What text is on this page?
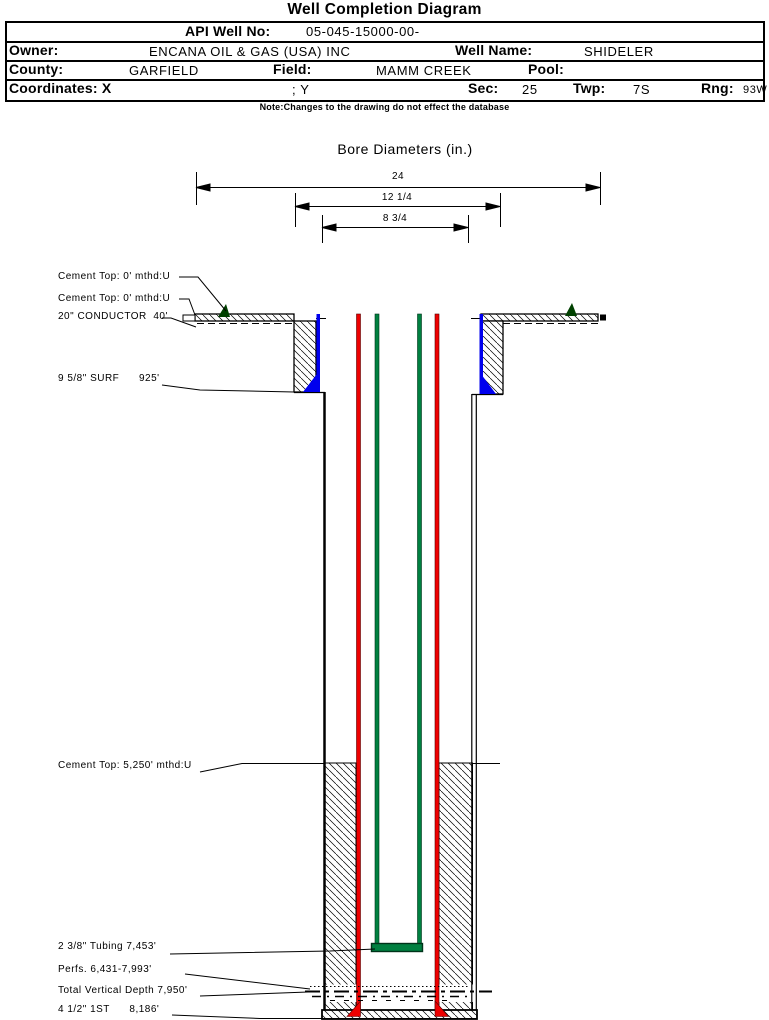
Well Completion Diagram
API Well No:	05-045-15000-00-
Owner:	ENCANA OIL & GAS (USA) INC	Well Name:	SHIDELER
County:	GARFIELD	Field:	MAMM CREEK	Pool:
Coordinates: X	; Y	Sec: 25	Twp: 7S	Rng: 93W
Note:Changes to the drawing do not effect the database
Bore Diameters (in.)
24
12 1/4
8 3/4
Cement Top: 0' mthd:U
Cement Top: 0' mthd:U
20" CONDUCTOR  40'
9 5/8" SURF      925'
Cement Top: 5,250' mthd:U
2 3/8" Tubing 7,453'
Perfs. 6,431-7,993'
Total Vertical Depth 7,950'
4 1/2" 1ST      8,186'
